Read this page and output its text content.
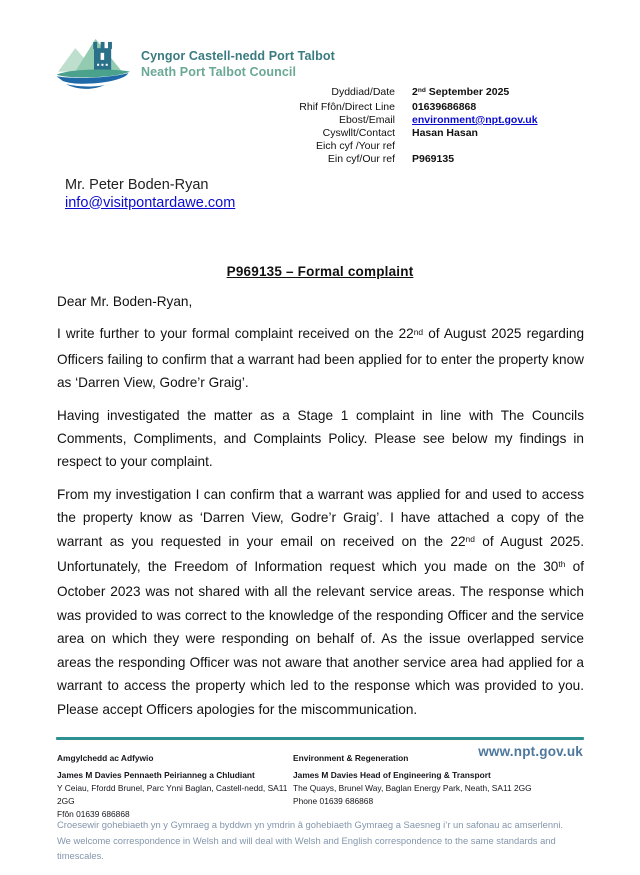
Cyngor Castell-nedd Port Talbot
Neath Port Talbot Council
Dyddiad/Date 2nd September 2025
Rhif Ffôn/Direct Line 01639686868
Ebost/Email environment@npt.gov.uk
Cyswllt/Contact Hasan Hasan
Eich cyf /Your ref
Ein cyf/Our ref P969135
Mr. Peter Boden-Ryan
info@visitpontardawe.com
P969135 – Formal complaint
Dear Mr. Boden-Ryan,

I write further to your formal complaint received on the 22nd of August 2025 regarding Officers failing to confirm that a warrant had been applied for to enter the property know as ‘Darren View, Godre’r Graig’.

Having investigated the matter as a Stage 1 complaint in line with The Councils Comments, Compliments, and Complaints Policy. Please see below my findings in respect to your complaint.

From my investigation I can confirm that a warrant was applied for and used to access the property know as ‘Darren View, Godre’r Graig’. I have attached a copy of the warrant as you requested in your email on received on the 22nd of August 2025. Unfortunately, the Freedom of Information request which you made on the 30th of October 2023 was not shared with all the relevant service areas. The response which was provided to was correct to the knowledge of the responding Officer and the service area on which they were responding on behalf of. As the issue overlapped service areas the responding Officer was not aware that another service area had applied for a warrant to access the property which led to the response which was provided to you. Please accept Officers apologies for the miscommunication.

www.npt.gov.uk
Amgylchedd ac Adfywio
James M Davies Pennaeth Peirianneg a Chludiant
Y Ceiau, Ffordd Brunel, Parc Ynni Baglan, Castell-nedd, SA11 2GG
Ffôn 01639 686868
Environment & Regeneration
James M Davies Head of Engineering & Transport
The Quays, Brunel Way, Baglan Energy Park, Neath, SA11 2GG
Phone 01639 686868
Croesewir gohebiaeth yn y Gymraeg a byddwn yn ymdrin â gohebiaeth Gymraeg a Saesneg i’r un safonau ac amserlenni.
We welcome correspondence in Welsh and will deal with Welsh and English correspondence to the same standards and timescales.
